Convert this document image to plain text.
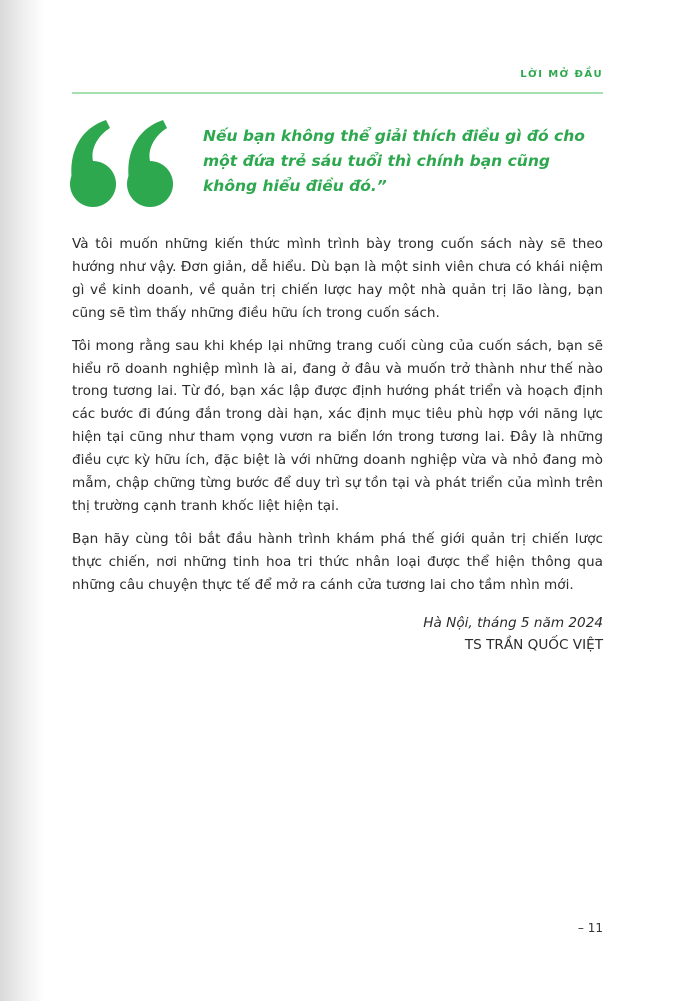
LỜI MỞ ĐẦU
Nếu bạn không thể giải thích điều gì đó cho một đứa trẻ sáu tuổi thì chính bạn cũng không hiểu điều đó.”

Và tôi muốn những kiến thức mình trình bày trong cuốn sách này sẽ theo hướng như vậy. Đơn giản, dễ hiểu. Dù bạn là một sinh viên chưa có khái niệm gì về kinh doanh, về quản trị chiến lược hay một nhà quản trị lão làng, bạn cũng sẽ tìm thấy những điều hữu ích trong cuốn sách.

Tôi mong rằng sau khi khép lại những trang cuối cùng của cuốn sách, bạn sẽ hiểu rõ doanh nghiệp mình là ai, đang ở đâu và muốn trở thành như thế nào trong tương lai. Từ đó, bạn xác lập được định hướng phát triển và hoạch định các bước đi đúng đắn trong dài hạn, xác định mục tiêu phù hợp với năng lực hiện tại cũng như tham vọng vươn ra biển lớn trong tương lai. Đây là những điều cực kỳ hữu ích, đặc biệt là với những doanh nghiệp vừa và nhỏ đang mò mẫm, chập chững từng bước để duy trì sự tồn tại và phát triển của mình trên thị trường cạnh tranh khốc liệt hiện tại.

Bạn hãy cùng tôi bắt đầu hành trình khám phá thế giới quản trị chiến lược thực chiến, nơi những tinh hoa tri thức nhân loại được thể hiện thông qua những câu chuyện thực tế để mở ra cánh cửa tương lai cho tầm nhìn mới.

Hà Nội, tháng 5 năm 2024
TS TRẦN QUỐC VIỆT
– 11
